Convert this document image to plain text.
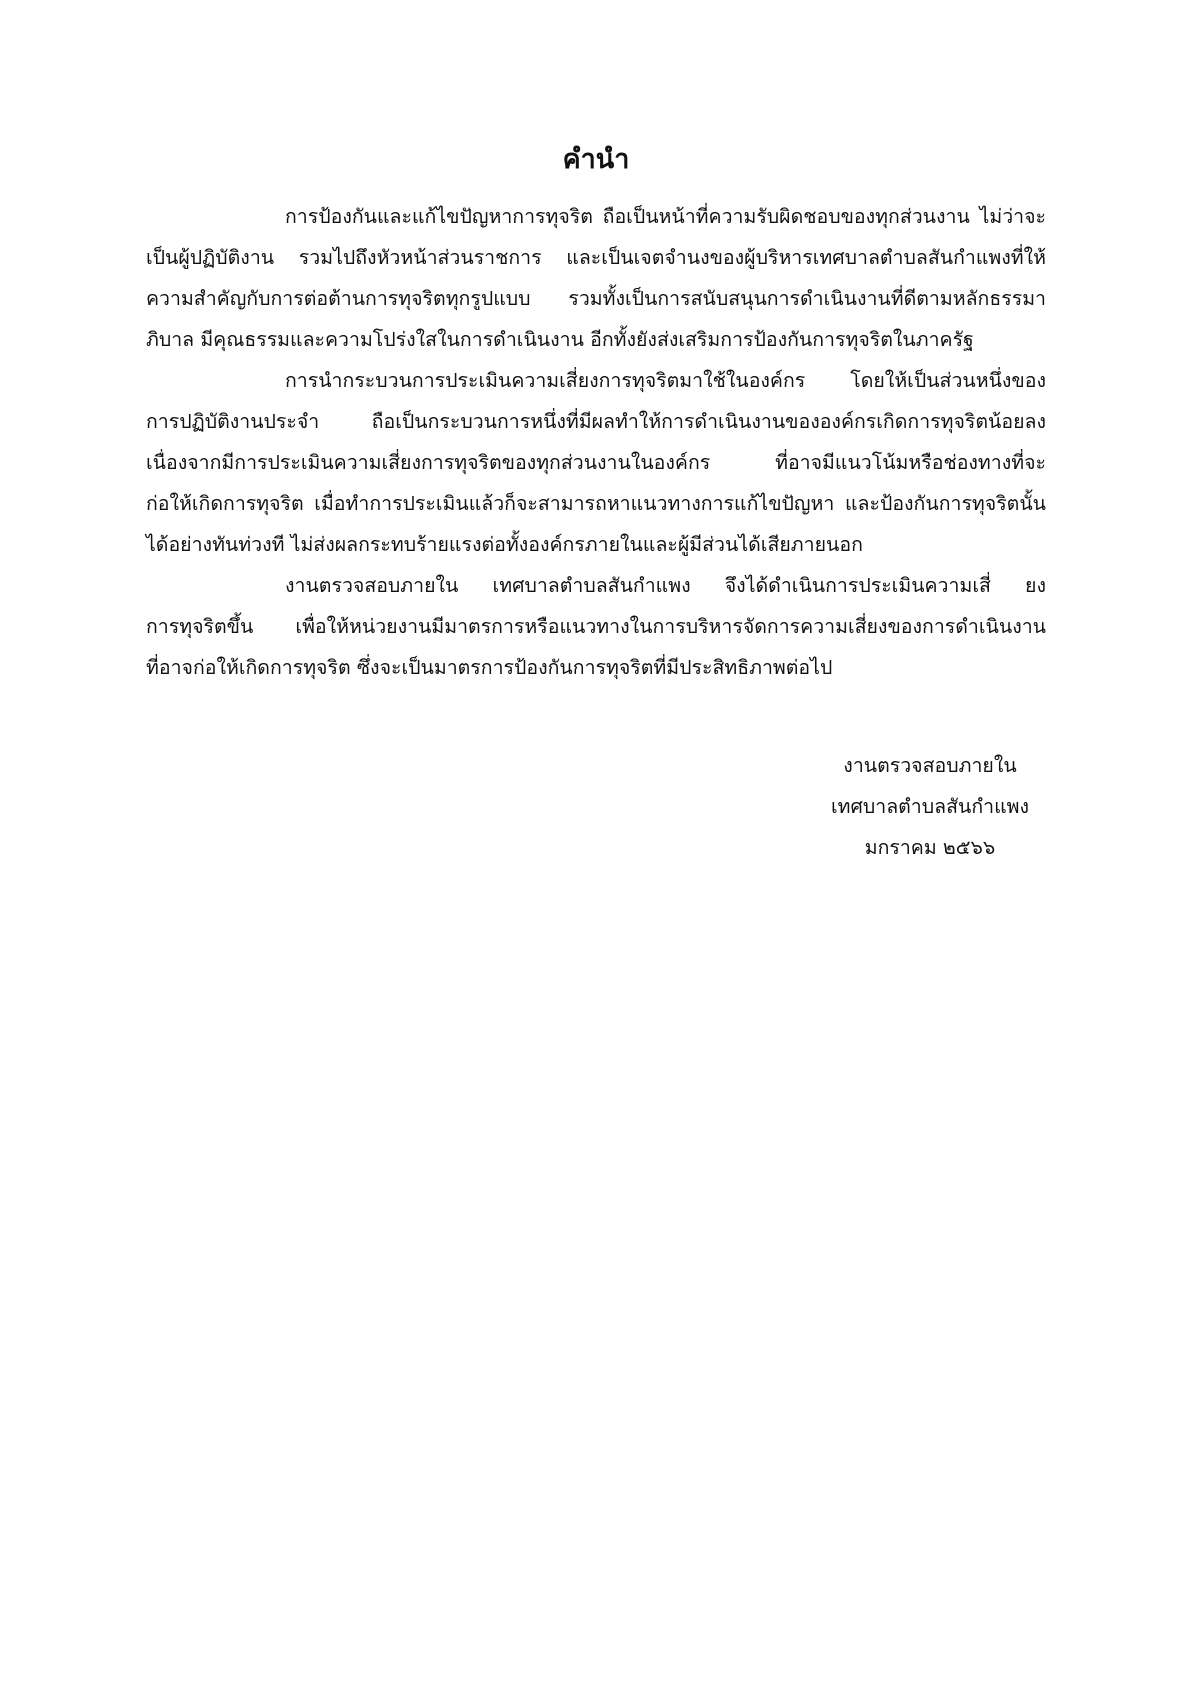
คำนำ
การป้องกันและแก้ไขปัญหาการทุจริต ถือเป็นหน้าที่ความรับผิดชอบของทุกส่วนงาน ไม่ว่าจะ
เป็นผู้ปฏิบัติงาน รวมไปถึงหัวหน้าส่วนราชการ และเป็นเจตจำนงของผู้บริหารเทศบาลตำบลสันกำแพงที่ให้
ความสำคัญกับการต่อต้านการทุจริตทุกรูปแบบ รวมทั้งเป็นการสนับสนุนการดำเนินงานที่ดีตามหลักธรรมา
ภิบาล มีคุณธรรมและความโปร่งใสในการดำเนินงาน อีกทั้งยังส่งเสริมการป้องกันการทุจริตในภาครัฐ
การนำกระบวนการประเมินความเสี่ยงการทุจริตมาใช้ในองค์กร โดยให้เป็นส่วนหนึ่งของ
การปฏิบัติงานประจำ ถือเป็นกระบวนการหนึ่งที่มีผลทำให้การดำเนินงานขององค์กรเกิดการทุจริตน้อยลง
เนื่องจากมีการประเมินความเสี่ยงการทุจริตของทุกส่วนงานในองค์กร ที่อาจมีแนวโน้มหรือช่องทางที่จะ
ก่อให้เกิดการทุจริต เมื่อทำการประเมินแล้วก็จะสามารถหาแนวทางการแก้ไขปัญหา และป้องกันการทุจริตนั้น
ได้อย่างทันท่วงที ไม่ส่งผลกระทบร้ายแรงต่อทั้งองค์กรภายในและผู้มีส่วนได้เสียภายนอก
งานตรวจสอบภายใน เทศบาลตำบลสันกำแพง จึงได้ดำเนินการประเมินความเสี่ ยง
การทุจริตขึ้น เพื่อให้หน่วยงานมีมาตรการหรือแนวทางในการบริหารจัดการความเสี่ยงของการดำเนินงาน
ที่อาจก่อให้เกิดการทุจริต ซึ่งจะเป็นมาตรการป้องกันการทุจริตที่มีประสิทธิภาพต่อไป
งานตรวจสอบภายใน
เทศบาลตำบลสันกำแพง
มกราคม ๒๕๖๖
